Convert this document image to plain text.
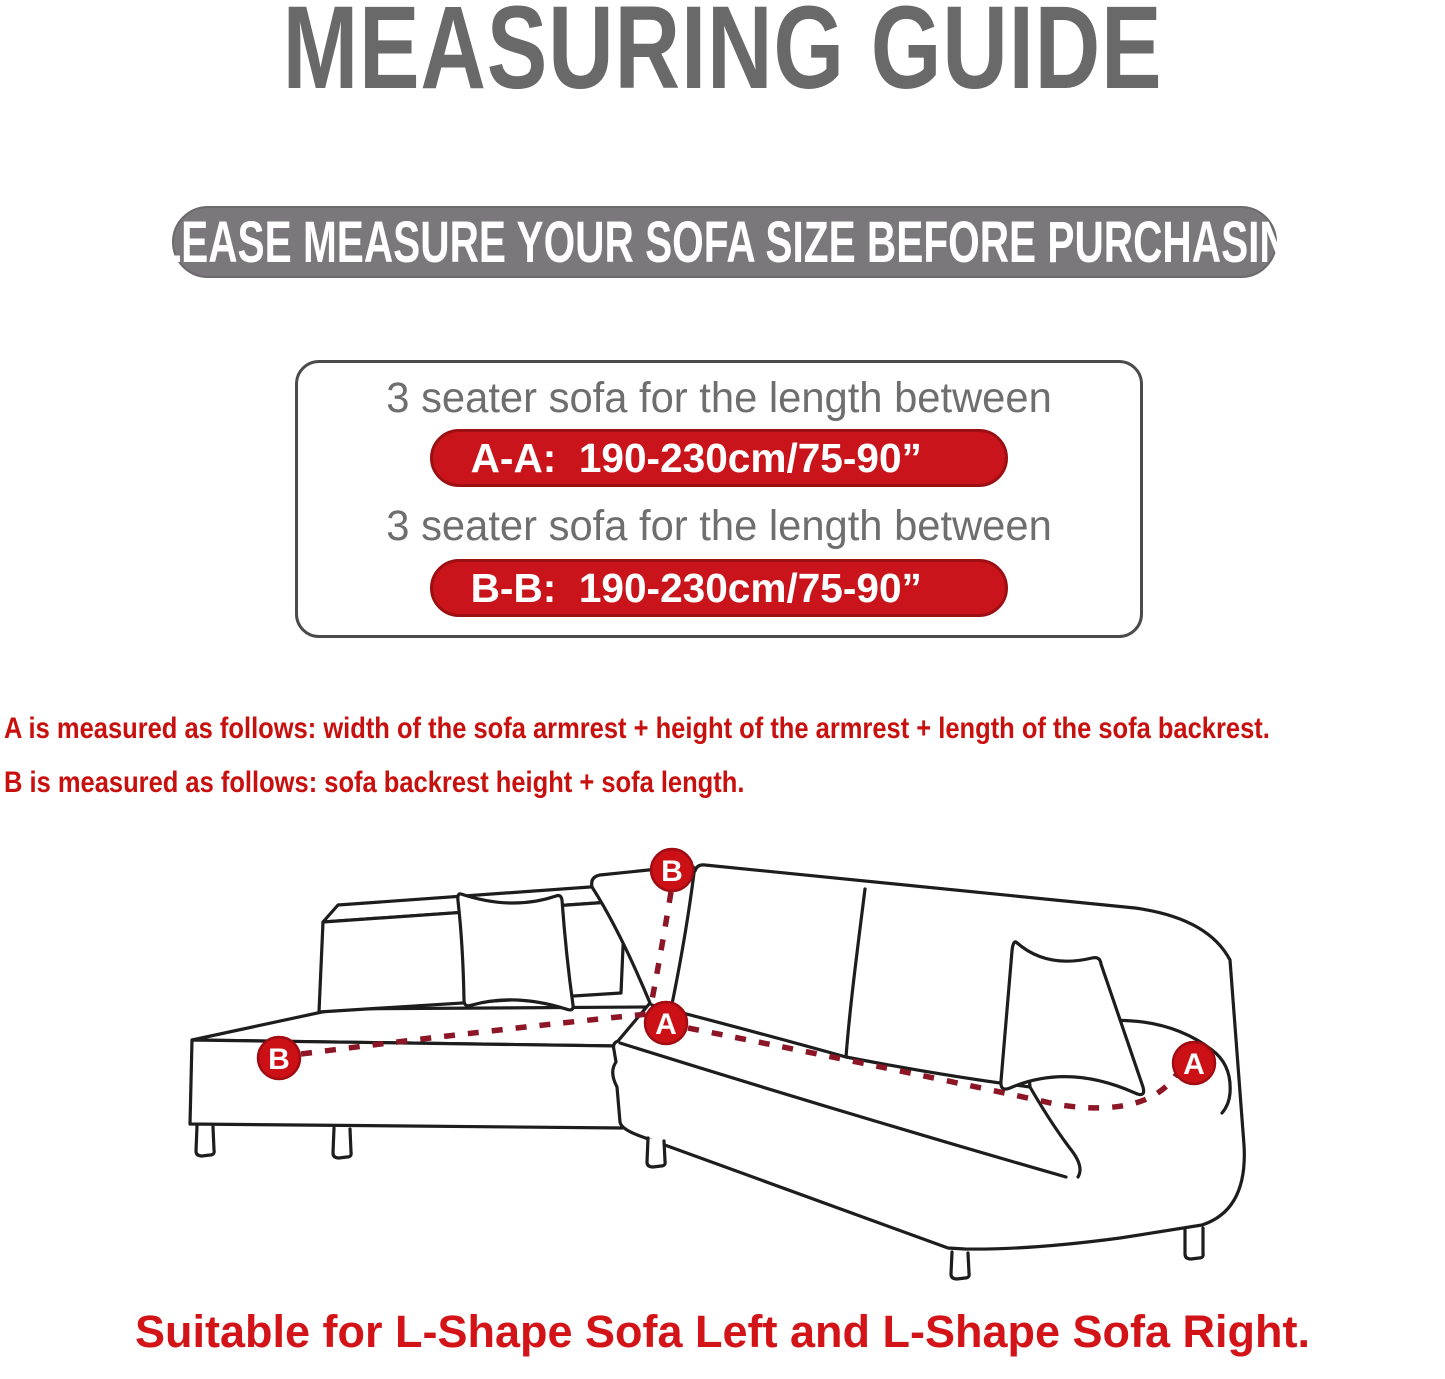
MEASURING GUIDE
PLEASE MEASURE YOUR SOFA SIZE BEFORE PURCHASING
3 seater sofa for the length between
A-A:  190-230cm/75-90”
3 seater sofa for the length between
B-B:  190-230cm/75-90”
A is measured as follows: width of the sofa armrest + height of the armrest + length of the sofa backrest.
B is measured as follows: sofa backrest height + sofa length.
B
B
A
A
Suitable for L-Shape Sofa Left and L-Shape Sofa Right.
